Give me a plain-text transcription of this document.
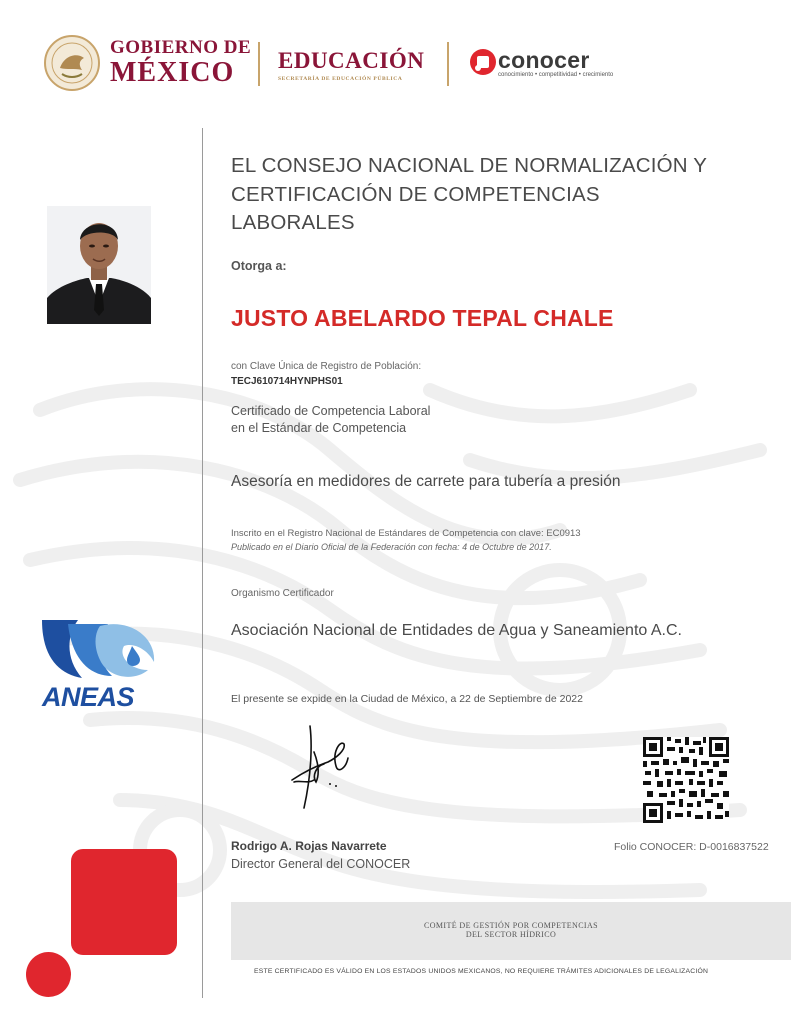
GOBIERNO DE
MÉXICO	EDUCACIÓN
SECRETARÍA DE EDUCACIÓN PÚBLICA
conocer
conocimiento • competitividad • crecimiento
ANEAS
EL CONSEJO NACIONAL DE NORMALIZACIÓN Y CERTIFICACIÓN DE COMPETENCIAS LABORALES
Otorga a:
JUSTO ABELARDO TEPAL CHALE
con Clave Única de Registro de Población:
TECJ610714HYNPHS01
Certificado de Competencia Laboral
en el Estándar de Competencia
Asesoría en medidores de carrete para tubería a presión
Inscrito en el Registro Nacional de Estándares de Competencia con clave: EC0913
Publicado en el Diario Oficial de la Federación con fecha: 4 de Octubre de 2017.
Organismo Certificador
Asociación Nacional de Entidades de Agua y Saneamiento A.C.
El presente se expide en la Ciudad de México, a 22 de Septiembre de 2022
Rodrigo A. Rojas Navarrete
Director General del CONOCER
Folio CONOCER: D-0016837522
COMITÉ DE GESTIÓN POR COMPETENCIAS
DEL SECTOR HÍDRICO
ESTE CERTIFICADO ES VÁLIDO EN LOS ESTADOS UNIDOS MEXICANOS, NO REQUIERE TRÁMITES ADICIONALES DE LEGALIZACIÓN
